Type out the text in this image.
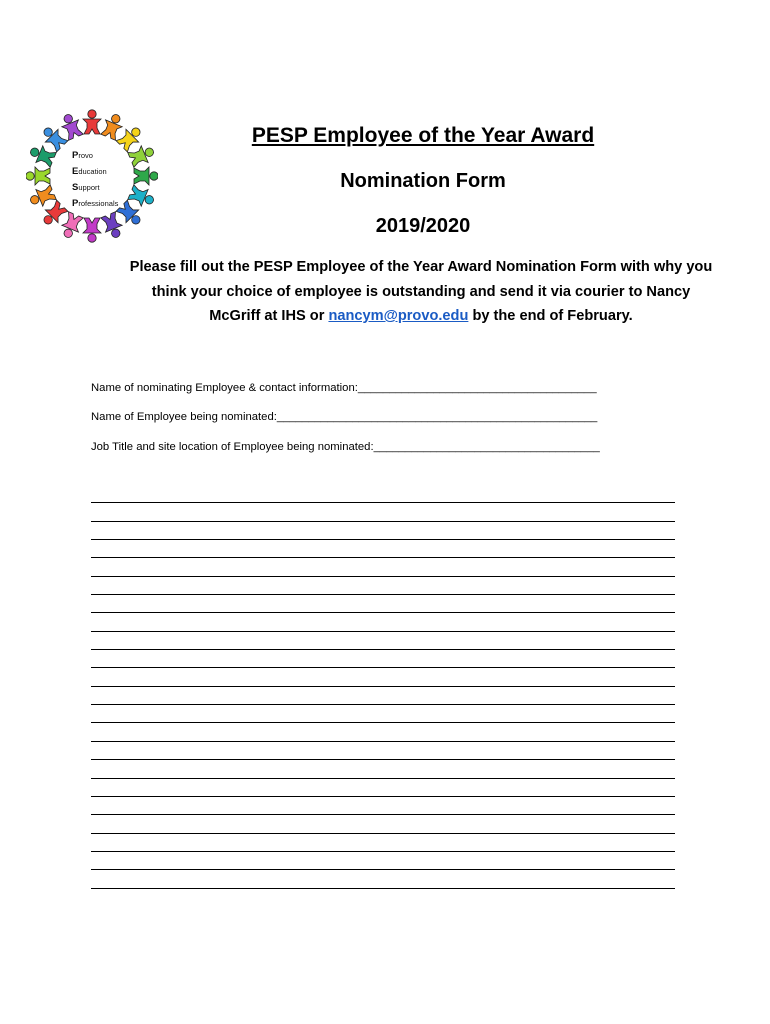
Provo
Education
Support
Professionals
PESP Employee of the Year Award
Nomination Form
2019/2020
Please fill out the PESP Employee of the Year Award Nomination Form with why you think your choice of employee is outstanding and send it via courier to Nancy McGriff at IHS or nancym@provo.edu by the end of February.
Name of nominating Employee & contact information:______________________________________
Name of Employee being nominated:___________________________________________________
Job Title and site location of Employee being nominated:____________________________________
